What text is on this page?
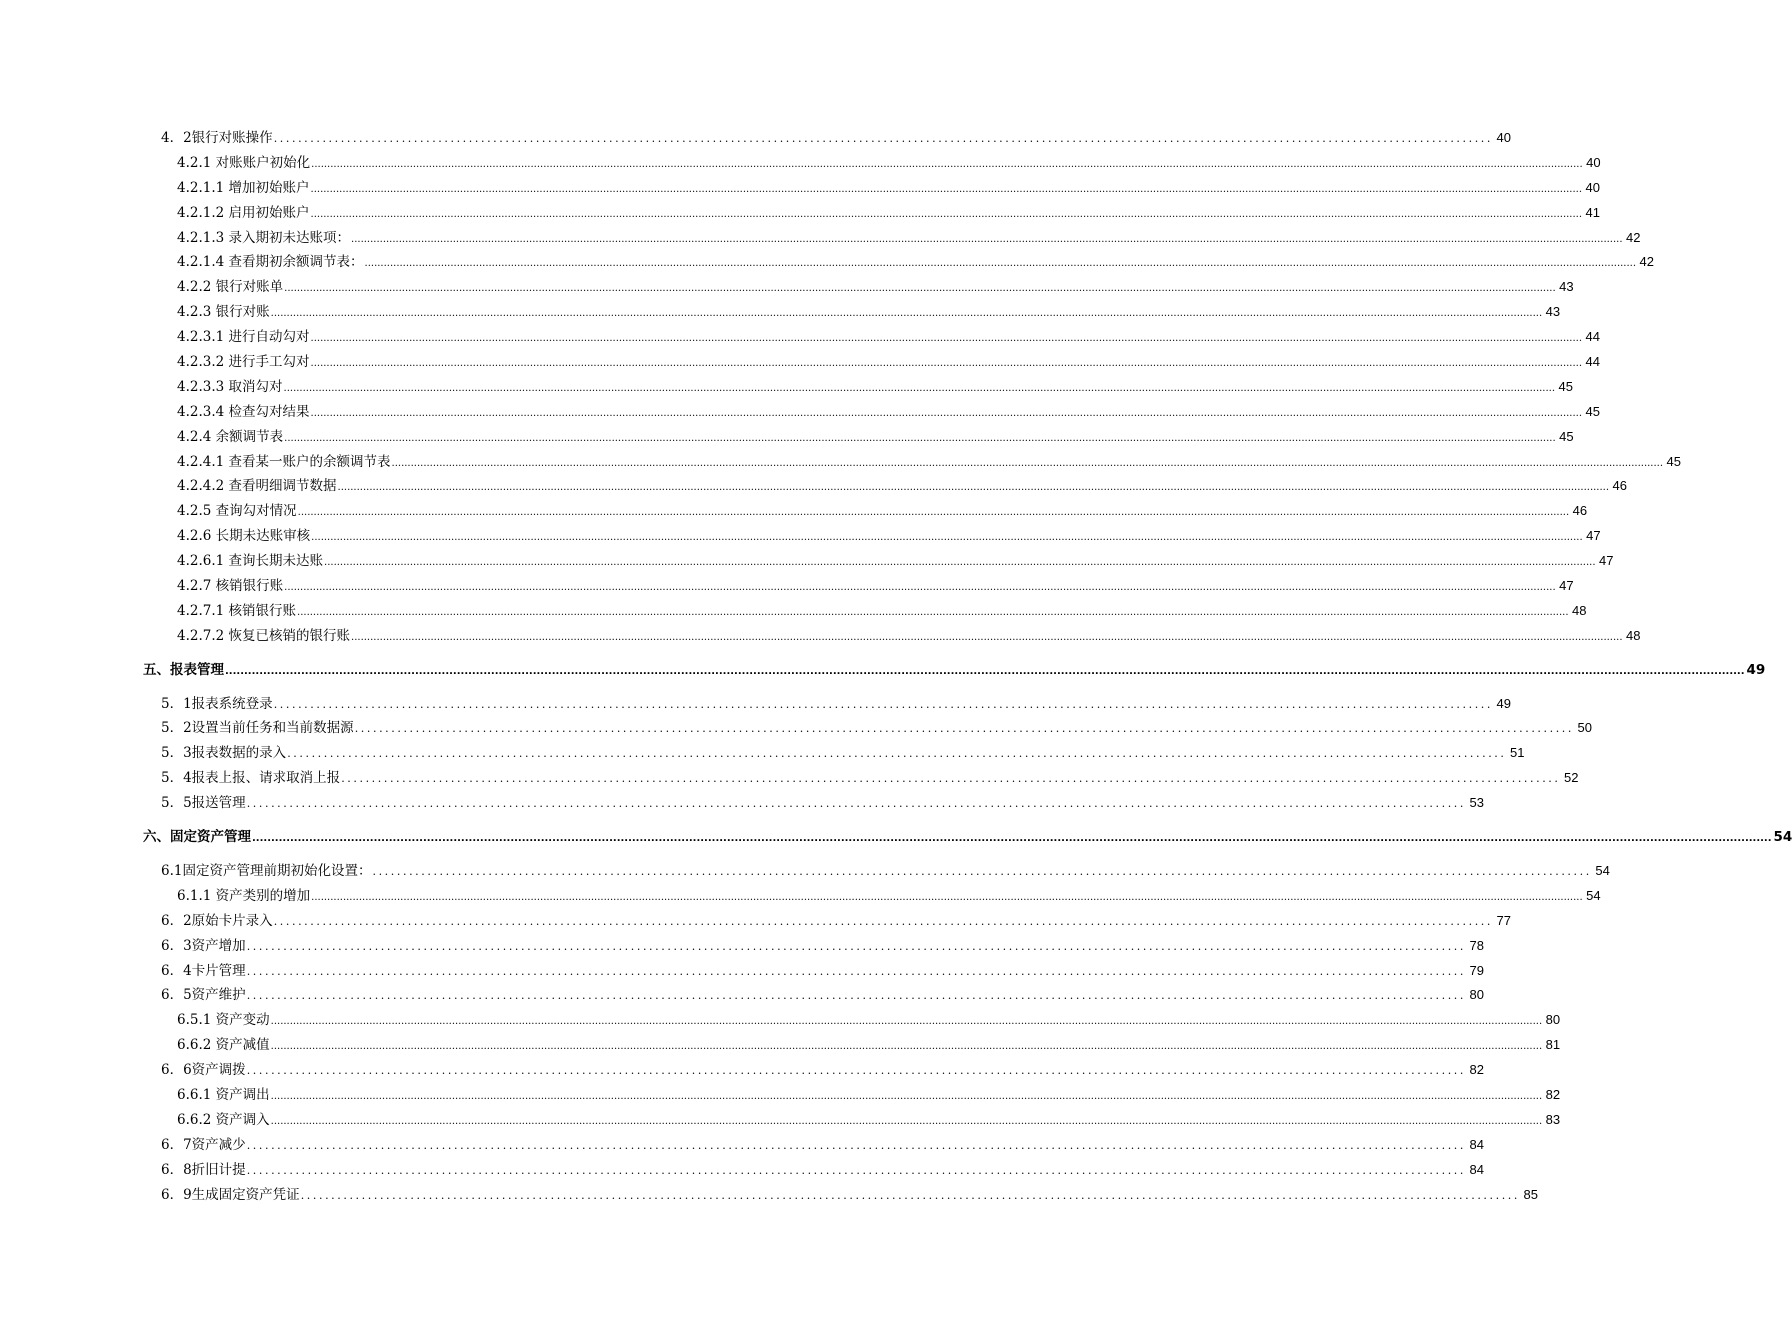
4．2银行对账操作 ........................................................................................................................................................................................................ 40
4.2.1 对账账户初始化 ................................................................................................................................................................................................................................................................................................................................................................................................................ 40
4.2.1.1 增加初始账户 ................................................................................................................................................................................................................................................................................................................................................................................................................ 40
4.2.1.2 启用初始账户 ................................................................................................................................................................................................................................................................................................................................................................................................................ 41
4.2.1.3 录入期初未达账项： ................................................................................................................................................................................................................................................................................................................................................................................................................ 42
4.2.1.4 查看期初余额调节表： ................................................................................................................................................................................................................................................................................................................................................................................................................ 42
4.2.2 银行对账单 ................................................................................................................................................................................................................................................................................................................................................................................................................ 43
4.2.3 银行对账 ................................................................................................................................................................................................................................................................................................................................................................................................................ 43
4.2.3.1 进行自动勾对 ................................................................................................................................................................................................................................................................................................................................................................................................................ 44
4.2.3.2 进行手工勾对 ................................................................................................................................................................................................................................................................................................................................................................................................................ 44
4.2.3.3 取消勾对 ................................................................................................................................................................................................................................................................................................................................................................................................................ 45
4.2.3.4 检查勾对结果 ................................................................................................................................................................................................................................................................................................................................................................................................................ 45
4.2.4 余额调节表 ................................................................................................................................................................................................................................................................................................................................................................................................................ 45
4.2.4.1 查看某一账户的余额调节表 ................................................................................................................................................................................................................................................................................................................................................................................................................ 45
4.2.4.2 查看明细调节数据 ................................................................................................................................................................................................................................................................................................................................................................................................................ 46
4.2.5 查询勾对情况 ................................................................................................................................................................................................................................................................................................................................................................................................................ 46
4.2.6 长期未达账审核 ................................................................................................................................................................................................................................................................................................................................................................................................................ 47
4.2.6.1 查询长期未达账 ................................................................................................................................................................................................................................................................................................................................................................................................................ 47
4.2.7 核销银行账 ................................................................................................................................................................................................................................................................................................................................................................................................................ 47
4.2.7.1 核销银行账 ................................................................................................................................................................................................................................................................................................................................................................................................................ 48
4.2.7.2 恢复已核销的银行账 ................................................................................................................................................................................................................................................................................................................................................................................................................ 48
五、报表管理 ................................................................................................................................................................................................................................................................................................................................................................................................................ 49
5．1报表系统登录 ........................................................................................................................................................................................................ 49
5．2设置当前任务和当前数据源 ........................................................................................................................................................................................................ 50
5．3报表数据的录入 ........................................................................................................................................................................................................ 51
5．4报表上报、请求取消上报 ........................................................................................................................................................................................................ 52
5．5报送管理 ........................................................................................................................................................................................................ 53
六、固定资产管理 ................................................................................................................................................................................................................................................................................................................................................................................................................ 54
6.1固定资产管理前期初始化设置： ........................................................................................................................................................................................................ 54
6.1.1 资产类别的增加 ................................................................................................................................................................................................................................................................................................................................................................................................................ 54
6．2原始卡片录入 ........................................................................................................................................................................................................ 77
6．3资产增加 ........................................................................................................................................................................................................ 78
6．4卡片管理 ........................................................................................................................................................................................................ 79
6．5资产维护 ........................................................................................................................................................................................................ 80
6.5.1 资产变动 ................................................................................................................................................................................................................................................................................................................................................................................................................ 80
6.6.2 资产减值 ................................................................................................................................................................................................................................................................................................................................................................................................................ 81
6．6资产调拨 ........................................................................................................................................................................................................ 82
6.6.1 资产调出 ................................................................................................................................................................................................................................................................................................................................................................................................................ 82
6.6.2 资产调入 ................................................................................................................................................................................................................................................................................................................................................................................................................ 83
6．7资产减少 ........................................................................................................................................................................................................ 84
6．8折旧计提 ........................................................................................................................................................................................................ 84
6．9生成固定资产凭证 ........................................................................................................................................................................................................ 85
